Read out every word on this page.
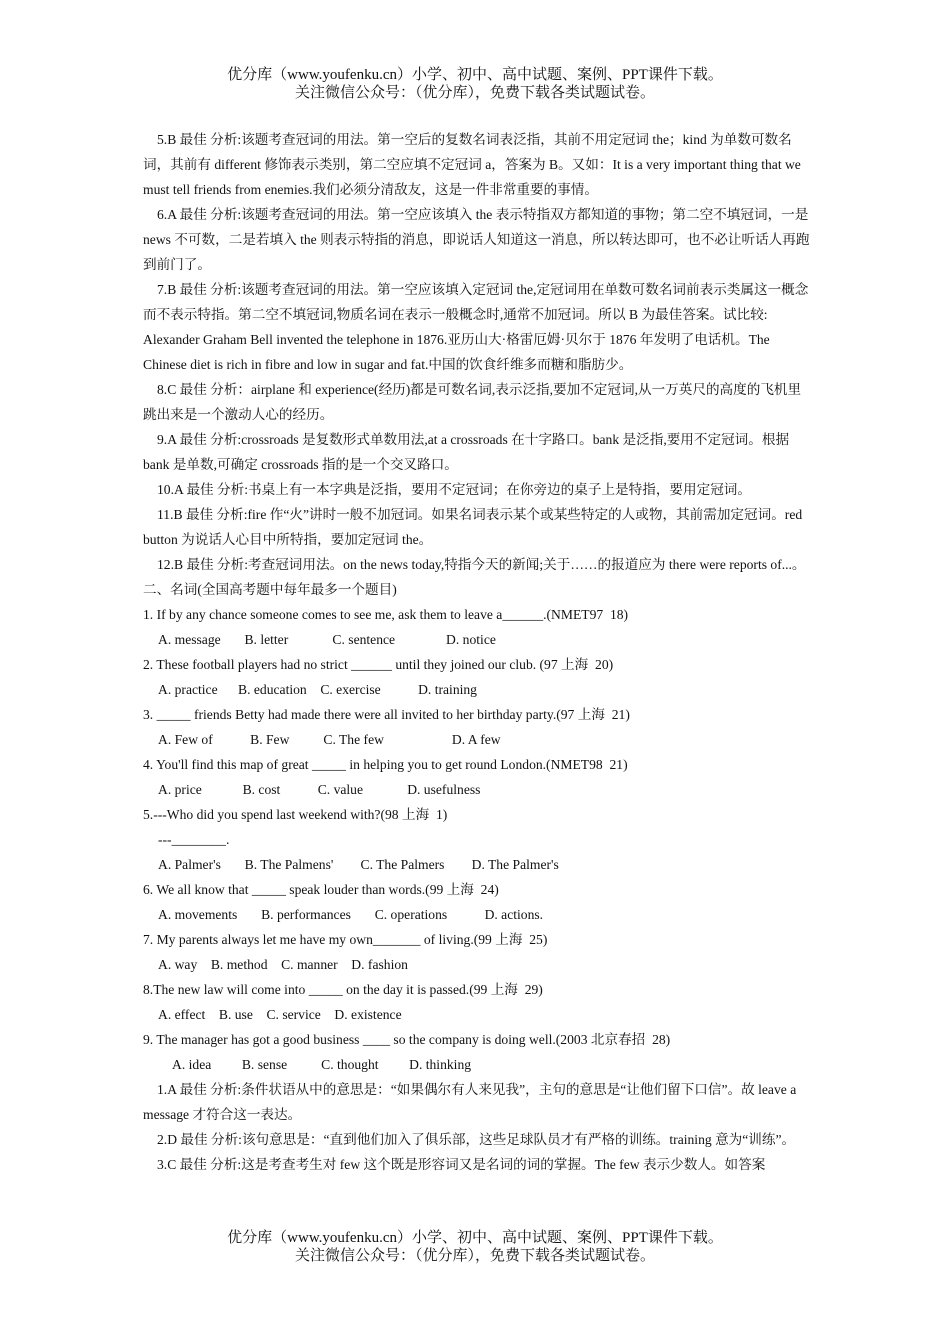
优分库（www.youfenku.cn）小学、初中、高中试题、案例、PPT课件下载。
关注微信公众号：（优分库），免费下载各类试题试卷。

5.B 最佳 分析:该题考查冠词的用法。第一空后的复数名词表泛指，其前不用定冠词 the；kind 为单数可数名词，其前有 different 修饰表示类别，第二空应填不定冠词 a，答案为 B。又如：It is a very important thing that we must tell friends from enemies.我们必须分清敌友，这是一件非常重要的事情。

6.A 最佳 分析:该题考查冠词的用法。第一空应该填入 the 表示特指双方都知道的事物；第二空不填冠词，一是 news 不可数，二是若填入 the 则表示特指的消息，即说话人知道这一消息，所以转达即可，也不必让听话人再跑到前门了。

7.B 最佳 分析:该题考查冠词的用法。第一空应该填入定冠词 the,定冠词用在单数可数名词前表示类属这一概念而不表示特指。第二空不填冠词,物质名词在表示一般概念时,通常不加冠词。所以 B 为最佳答案。试比较: Alexander Graham Bell invented the telephone in 1876.亚历山大·格雷厄姆·贝尔于 1876 年发明了电话机。The Chinese diet is rich in fibre and low in sugar and fat.中国的饮食纤维多而糖和脂肪少。

8.C 最佳 分析：airplane 和 experience(经历)都是可数名词,表示泛指,要加不定冠词,从一万英尺的高度的飞机里跳出来是一个激动人心的经历。

9.A 最佳 分析:crossroads 是复数形式单数用法,at a crossroads 在十字路口。bank 是泛指,要用不定冠词。根据 bank 是单数,可确定 crossroads 指的是一个交叉路口。

10.A 最佳 分析:书桌上有一本字典是泛指，要用不定冠词；在你旁边的桌子上是特指，要用定冠词。

11.B 最佳 分析:fire 作“火”讲时一般不加冠词。如果名词表示某个或某些特定的人或物，其前需加定冠词。red button 为说话人心目中所特指，要加定冠词 the。

12.B 最佳 分析:考查冠词用法。on the news today,特指今天的新闻;关于……的报道应为 there were reports of...。

二、名词(全国高考题中每年最多一个题目)

1. If by any chance someone comes to see me, ask them to leave a______.(NMET97  18)

A. message       B. letter             C. sentence               D. notice

2. These football players had no strict ______ until they joined our club. (97 上海  20)

A. practice      B. education    C. exercise           D. training

3. _____ friends Betty had made there were all invited to her birthday party.(97 上海  21)

A. Few of           B. Few          C. The few                    D. A few

4. You'll find this map of great _____ in helping you to get round London.(NMET98  21)

A. price            B. cost           C. value             D. usefulness

5.---Who did you spend last weekend with?(98 上海  1)

---________.

A. Palmer's       B. The Palmens'        C. The Palmers        D. The Palmer's

6. We all know that _____ speak louder than words.(99 上海  24)

A. movements       B. performances       C. operations           D. actions.

7. My parents always let me have my own_______ of living.(99 上海  25)

A. way    B. method    C. manner    D. fashion

8.The new law will come into _____ on the day it is passed.(99 上海  29)

A. effect    B. use    C. service    D. existence

9. The manager has got a good business ____ so the company is doing well.(2003 北京春招  28)

A. idea         B. sense          C. thought         D. thinking

1.A 最佳 分析:条件状语从中的意思是：“如果偶尔有人来见我”，主句的意思是“让他们留下口信”。故 leave a message 才符合这一表达。

2.D 最佳 分析:该句意思是：“直到他们加入了俱乐部，这些足球队员才有严格的训练。training 意为“训练”。

3.C 最佳 分析:这是考查考生对 few 这个既是形容词又是名词的词的掌握。The few 表示少数人。如答案

优分库（www.youfenku.cn）小学、初中、高中试题、案例、PPT课件下载。
关注微信公众号：（优分库），免费下载各类试题试卷。
